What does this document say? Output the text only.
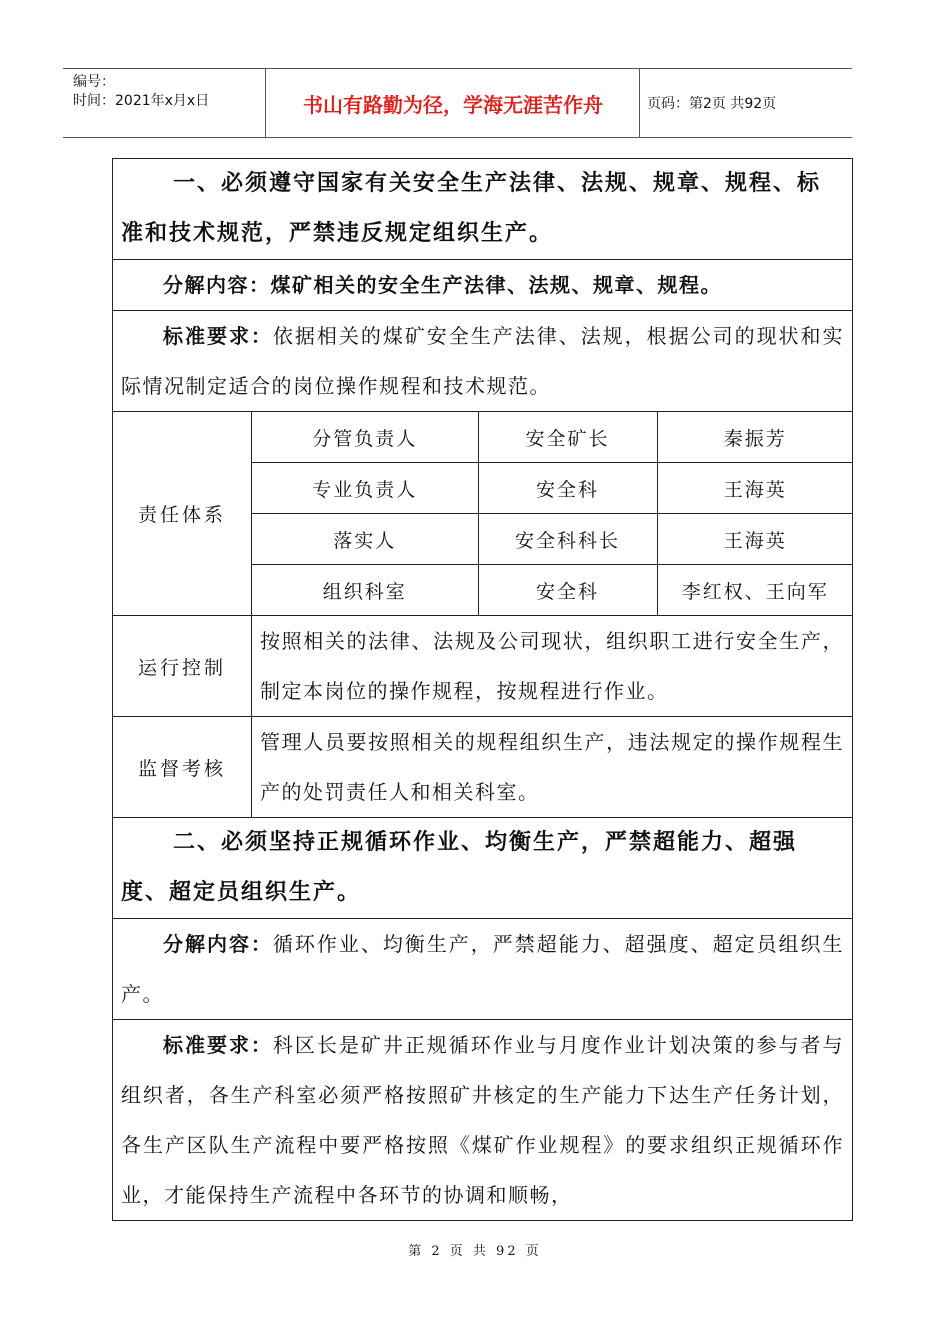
编号：
时间：2021年x月x日	书山有路勤为径，学海无涯苦作舟	页码：第2页 共92页
一、必须遵守国家有关安全生产法律、法规、规章、规程、标准和技术规范，严禁违反规定组织生产。

分解内容：煤矿相关的安全生产法律、法规、规章、规程。

标准要求：依据相关的煤矿安全生产法律、法规，根据公司的现状和实际情况制定适合的岗位操作规程和技术规范。

责任体系	
分管负责人	安全矿长	秦振芳
专业负责人	安全科	王海英
落实人	安全科科长	王海英
组织科室	安全科	李红权、王向军

运行控制	
按照相关的法律、法规及公司现状，组织职工进行安全生产，制定本岗位的操作规程，按规程进行作业。

监督考核	
管理人员要按照相关的规程组织生产，违法规定的操作规程生产的处罚责任人和相关科室。

二、必须坚持正规循环作业、均衡生产，严禁超能力、超强度、超定员组织生产。

分解内容：循环作业、均衡生产，严禁超能力、超强度、超定员组织生产。

标准要求：科区长是矿井正规循环作业与月度作业计划决策的参与者与组织者，各生产科室必须严格按照矿井核定的生产能力下达生产任务计划，各生产区队生产流程中要严格按照《煤矿作业规程》的要求组织正规循环作业，才能保持生产流程中各环节的协调和顺畅，
第 2 页 共 92 页
